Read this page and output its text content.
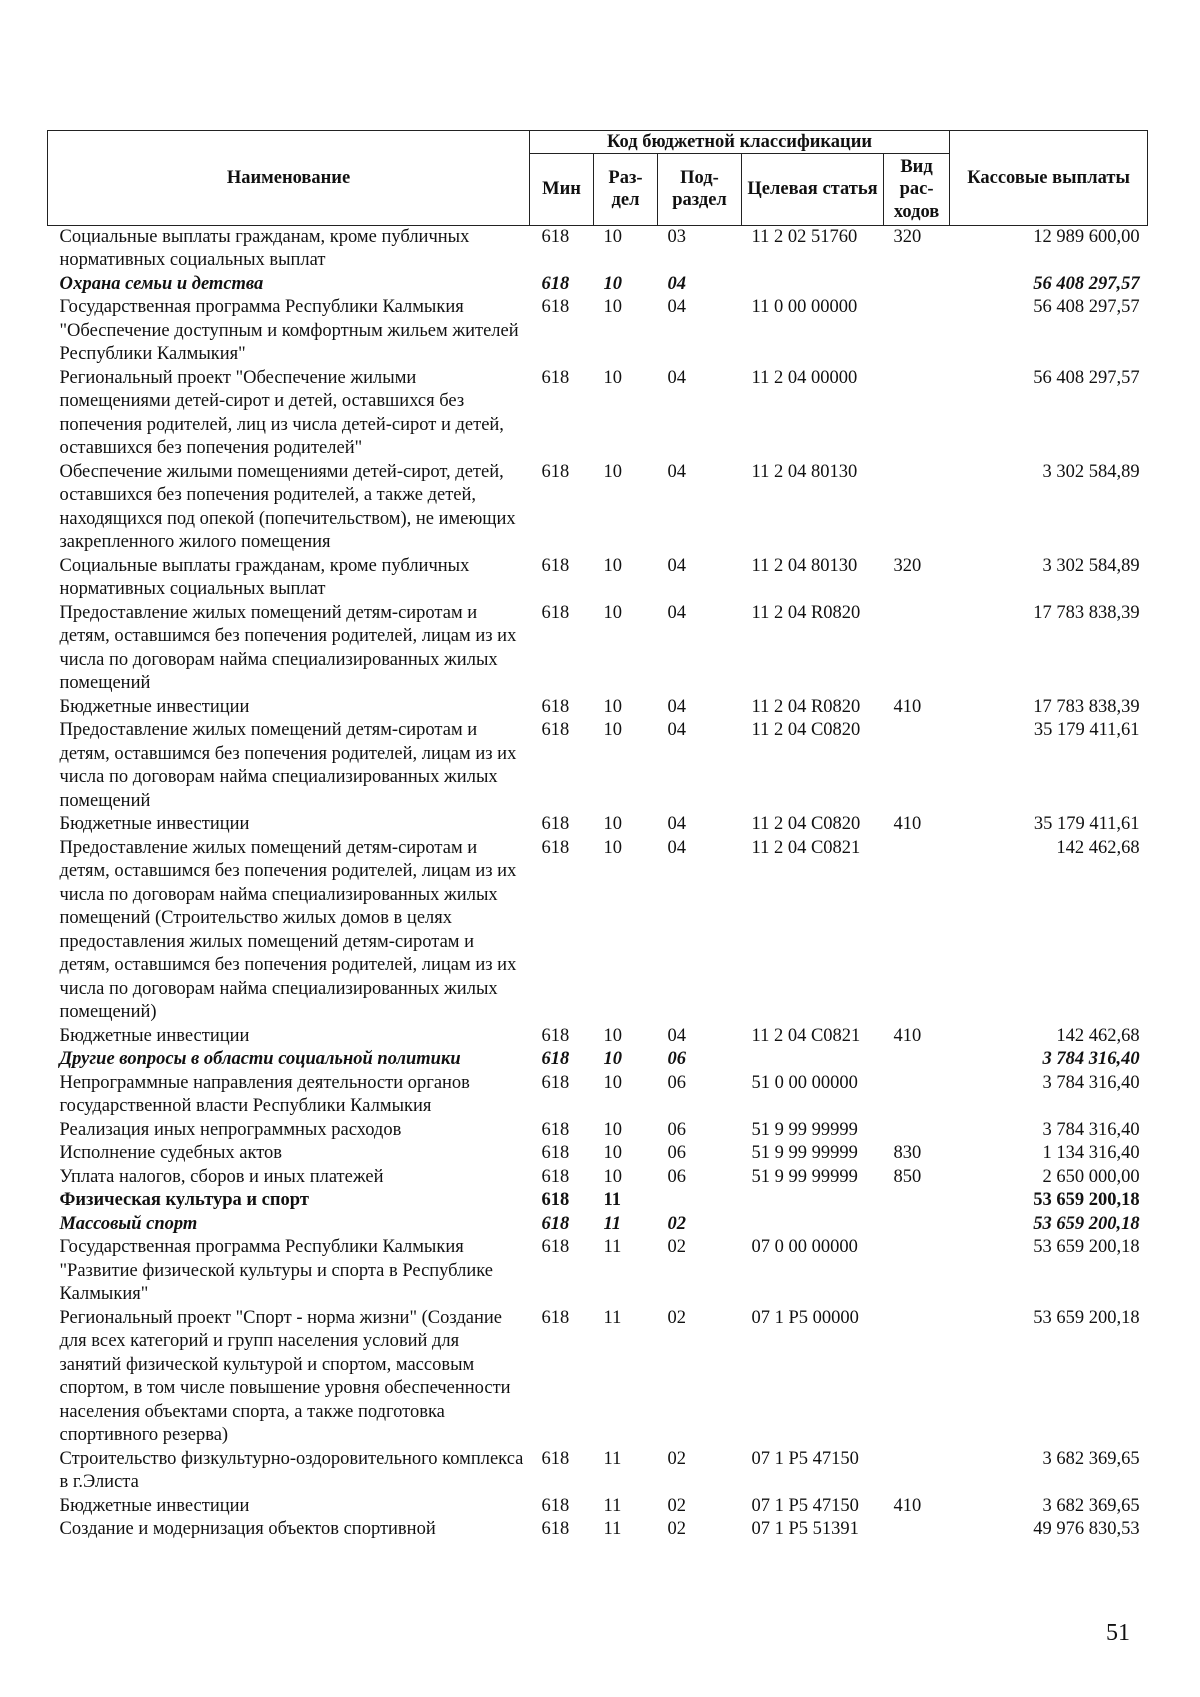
Наименование	Код бюджетной классификации					Кассовые выплаты
	Мин	Раз-дел	Под-раздел	Целевая статья	Вид рас-ходов	
Социальные выплаты гражданам, кроме публичных нормативных социальных выплат	618	10	03	11 2 02 51760	320	12 989 600,00
Охрана семьи и детства	618	10	04			56 408 297,57
Государственная программа Республики Калмыкия "Обеспечение доступным и комфортным жильем жителей Республики Калмыкия"	618	10	04	11 0 00 00000		56 408 297,57
Региональный проект "Обеспечение жилыми помещениями детей-сирот и детей, оставшихся без попечения родителей, лиц из числа детей-сирот и детей, оставшихся без попечения родителей"	618	10	04	11 2 04 00000		56 408 297,57
Обеспечение жилыми помещениями детей-сирот, детей, оставшихся без попечения родителей, а также детей, находящихся под опекой (попечительством), не имеющих закрепленного жилого помещения	618	10	04	11 2 04 80130		3 302 584,89
Социальные выплаты гражданам, кроме публичных нормативных социальных выплат	618	10	04	11 2 04 80130	320	3 302 584,89
Предоставление жилых помещений детям-сиротам и детям, оставшимся без попечения родителей, лицам из их числа по договорам найма специализированных жилых помещений	618	10	04	11 2 04 R0820		17 783 838,39
Бюджетные инвестиции	618	10	04	11 2 04 R0820	410	17 783 838,39
Предоставление жилых помещений детям-сиротам и детям, оставшимся без попечения родителей, лицам из их числа по договорам найма специализированных жилых помещений	618	10	04	11 2 04 C0820		35 179 411,61
Бюджетные инвестиции	618	10	04	11 2 04 C0820	410	35 179 411,61
Предоставление жилых помещений детям-сиротам и детям, оставшимся без попечения родителей, лицам из их числа по договорам найма специализированных жилых помещений (Строительство жилых домов в целях предоставления жилых помещений детям-сиротам и детям, оставшимся без попечения родителей, лицам из их числа по договорам найма специализированных жилых помещений)	618	10	04	11 2 04 C0821		142 462,68
Бюджетные инвестиции	618	10	04	11 2 04 C0821	410	142 462,68
Другие вопросы в области социальной политики	618	10	06			3 784 316,40
Непрограммные направления деятельности органов государственной власти Республики Калмыкия	618	10	06	51 0 00 00000		3 784 316,40
Реализация иных непрограммных расходов	618	10	06	51 9 99 99999		3 784 316,40
Исполнение судебных актов	618	10	06	51 9 99 99999	830	1 134 316,40
Уплата налогов, сборов и иных платежей	618	10	06	51 9 99 99999	850	2 650 000,00
Физическая культура и спорт	618	11				53 659 200,18
Массовый спорт	618	11	02			53 659 200,18
Государственная программа Республики Калмыкия "Развитие физической культуры и спорта в Республике Калмыкия"	618	11	02	07 0 00 00000		53 659 200,18
Региональный проект "Спорт - норма жизни" (Создание для всех категорий и групп населения условий для занятий физической культурой и спортом, массовым спортом, в том числе повышение уровня обеспеченности населения объектами спорта, а также подготовка спортивного резерва)	618	11	02	07 1 P5 00000		53 659 200,18
Строительство физкультурно-оздоровительного комплекса в г.Элиста	618	11	02	07 1 P5 47150		3 682 369,65
Бюджетные инвестиции	618	11	02	07 1 P5 47150	410	3 682 369,65
Создание и модернизация объектов спортивной	618	11	02	07 1 P5 51391		49 976 830,53
51
